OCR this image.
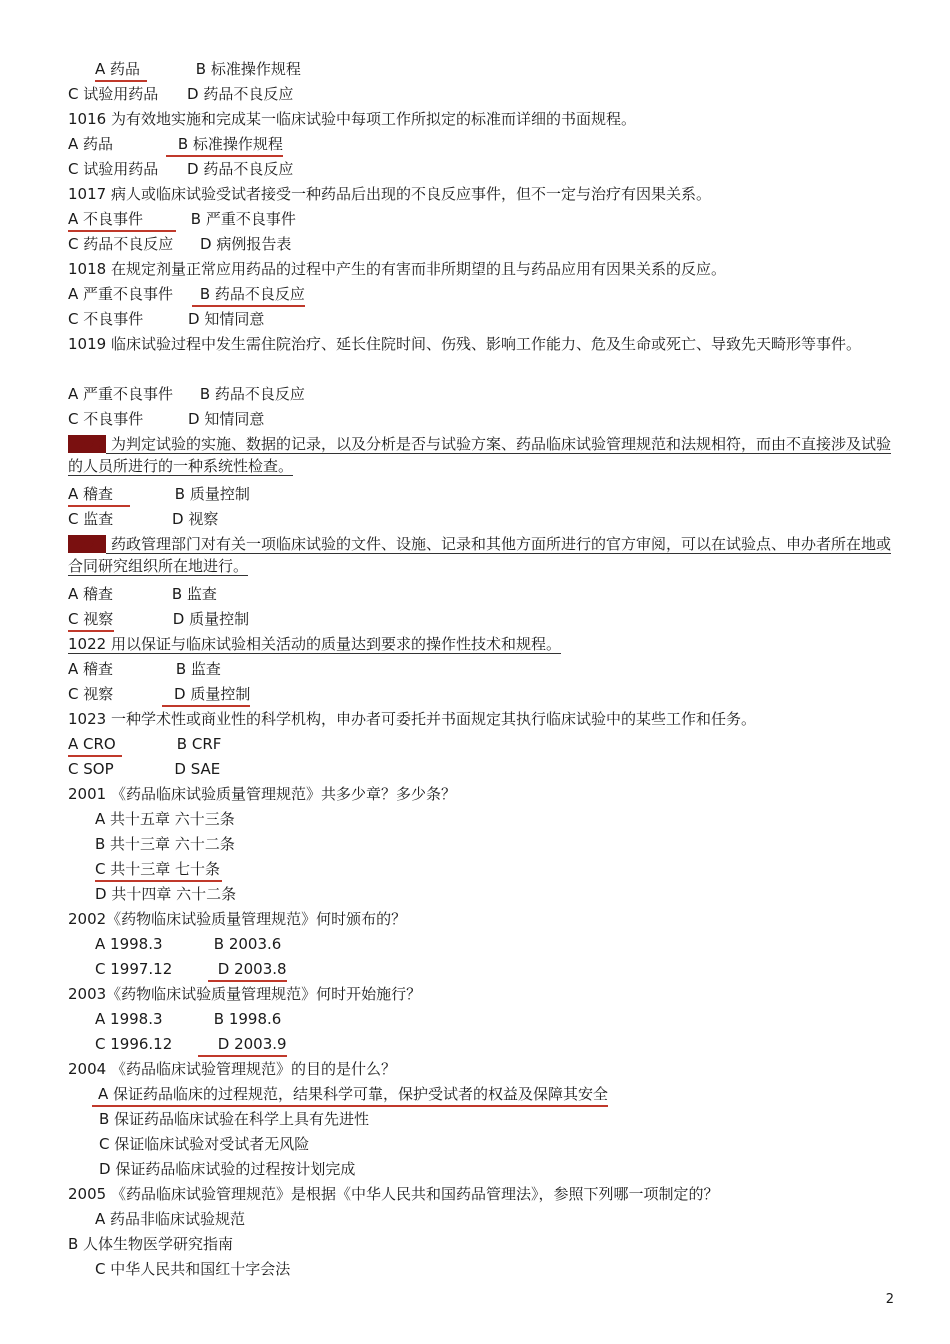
A 药品	B 标准操作规程
C 试验用药品 D 药品不良反应
1016 为有效地实施和完成某一临床试验中每项工作所拟定的标准而详细的书面规程。
A 药品	B 标准操作规程
C 试验用药品 D 药品不良反应
1017 病人或临床试验受试者接受一种药品后出现的不良反应事件，但不一定与治疗有因果关系。
A 不良事件	B 严重不良事件
C 药品不良反应 D 病例报告表
1018 在规定剂量正常应用药品的过程中产生的有害而非所期望的且与药品应用有因果关系的反应。
A 严重不良事件 B 药品不良反应
C 不良事件	D 知情同意
1019 临床试验过程中发生需住院治疗、延长住院时间、伤残、影响工作能力、危及生命或死亡、导致先天畸形等事件。
A 严重不良事件 B 药品不良反应
C 不良事件	D 知情同意
1020 为判定试验的实施、数据的记录，以及分析是否与试验方案、药品临床试验管理规范和法规相符，而由不直接涉及试验的人员所进行的一种系统性检查。
A 稽查	B 质量控制
C 监查	D 视察
1021 药政管理部门对有关一项临床试验的文件、设施、记录和其他方面所进行的官方审阅，可以在试验点、申办者所在地或合同研究组织所在地进行。
A 稽查	B 监查
C 视察	D 质量控制
1022 用以保证与临床试验相关活动的质量达到要求的操作性技术和规程。
A 稽查	B 监查
C 视察	D 质量控制
1023 一种学术性或商业性的科学机构，申办者可委托并书面规定其执行临床试验中的某些工作和任务。
A CRO	B CRF
C SOP	D SAE
2001 《药品临床试验质量管理规范》共多少章？多少条？
A 共十五章 六十三条
B 共十三章 六十二条
C 共十三章 七十条
D 共十四章 六十二条
2002《药物临床试验质量管理规范》何时颁布的？
A 1998.3	B 2003.6
C 1997.12	D 2003.8
2003《药物临床试验质量管理规范》何时开始施行？
A 1998.3	B 1998.6
C 1996.12	D 2003.9
2004 《药品临床试验管理规范》的目的是什么？
A 保证药品临床的过程规范，结果科学可靠，保护受试者的权益及保障其安全
B 保证药品临床试验在科学上具有先进性
C 保证临床试验对受试者无风险
D 保证药品临床试验的过程按计划完成
2005 《药品临床试验管理规范》是根据《中华人民共和国药品管理法》，参照下列哪一项制定的？
A 药品非临床试验规范
B 人体生物医学研究指南
C 中华人民共和国红十字会法
2
